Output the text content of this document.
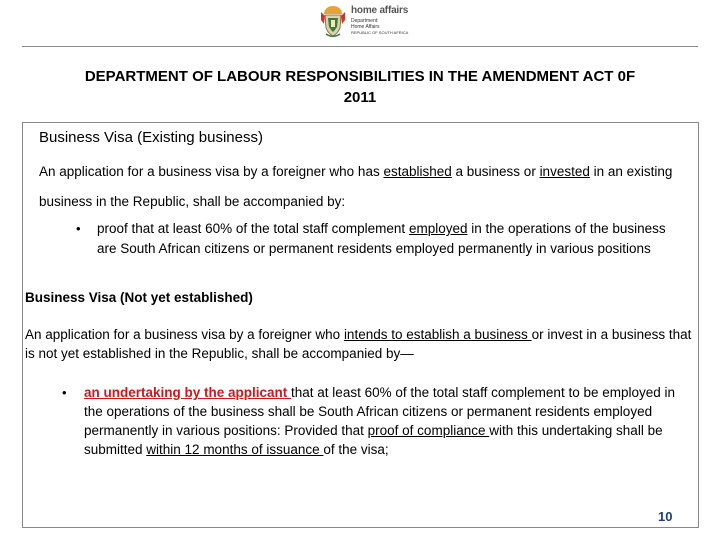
home affairs
Department:
Home Affairs
REPUBLIC OF SOUTH AFRICA
DEPARTMENT OF LABOUR RESPONSIBILITIES IN THE AMENDMENT ACT 0F
2011
Business Visa (Existing business)
An application for a business visa by a foreigner who has established a business or invested in an existing business in the Republic, shall be accompanied by:
• proof that at least 60% of the total staff complement employed in the operations of the business are South African citizens or permanent residents employed permanently in various positions
Business Visa (Not yet established)
An application for a business visa by a foreigner who intends to establish a business or invest in a business that is not yet established in the Republic, shall be accompanied by—
• an undertaking by the applicant that at least 60% of the total staff complement to be employed in the operations of the business shall be South African citizens or permanent residents employed permanently in various positions: Provided that proof of compliance with this undertaking shall be submitted within 12 months of issuance of the visa;
10
